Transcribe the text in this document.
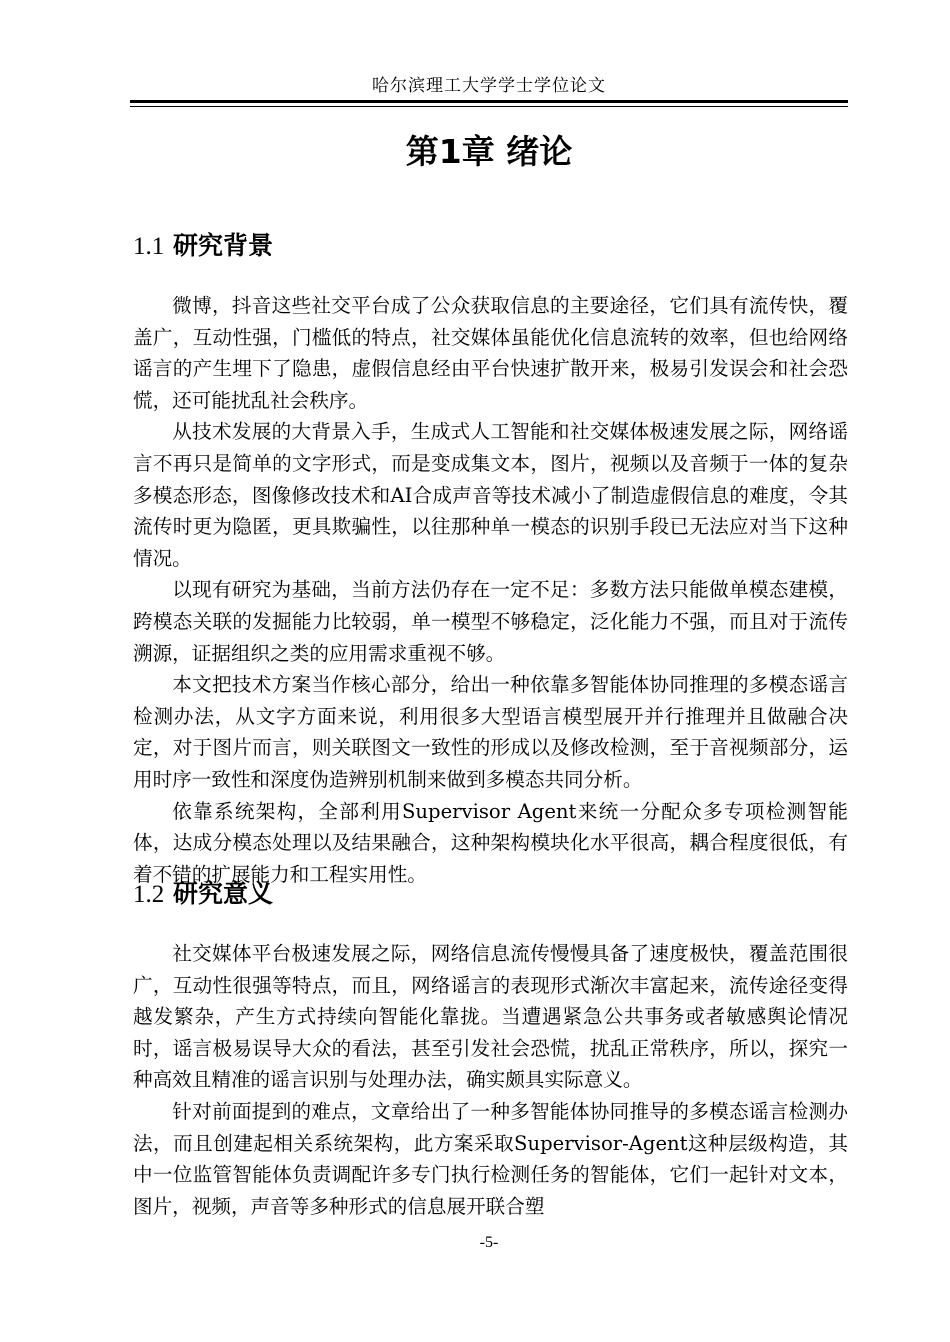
哈尔滨理工大学学士学位论文
第1章 绪论
1.1 研究背景

微博，抖音这些社交平台成了公众获取信息的主要途径，它们具有流传快，覆盖广，互动性强，门槛低的特点，社交媒体虽能优化信息流转的效率，但也给网络谣言的产生埋下了隐患，虚假信息经由平台快速扩散开来，极易引发误会和社会恐慌，还可能扰乱社会秩序。

从技术发展的大背景入手，生成式人工智能和社交媒体极速发展之际，网络谣言不再只是简单的文字形式，而是变成集文本，图片，视频以及音频于一体的复杂多模态形态，图像修改技术和AI合成声音等技术减小了制造虚假信息的难度，令其流传时更为隐匿，更具欺骗性，以往那种单一模态的识别手段已无法应对当下这种情况。

以现有研究为基础，当前方法仍存在一定不足：多数方法只能做单模态建模，跨模态关联的发掘能力比较弱，单一模型不够稳定，泛化能力不强，而且对于流传溯源，证据组织之类的应用需求重视不够。

本文把技术方案当作核心部分，给出一种依靠多智能体协同推理的多模态谣言检测办法，从文字方面来说，利用很多大型语言模型展开并行推理并且做融合决定，对于图片而言，则关联图文一致性的形成以及修改检测，至于音视频部分，运用时序一致性和深度伪造辨别机制来做到多模态共同分析。

依靠系统架构，全部利用Supervisor Agent来统一分配众多专项检测智能体，达成分模态处理以及结果融合，这种架构模块化水平很高，耦合程度很低，有着不错的扩展能力和工程实用性。

1.2 研究意义

社交媒体平台极速发展之际，网络信息流传慢慢具备了速度极快，覆盖范围很广，互动性很强等特点，而且，网络谣言的表现形式渐次丰富起来，流传途径变得越发繁杂，产生方式持续向智能化靠拢。当遭遇紧急公共事务或者敏感舆论情况时，谣言极易误导大众的看法，甚至引发社会恐慌，扰乱正常秩序，所以，探究一种高效且精准的谣言识别与处理办法，确实颇具实际意义。

针对前面提到的难点，文章给出了一种多智能体协同推导的多模态谣言检测办法，而且创建起相关系统架构，此方案采取Supervisor-Agent这种层级构造，其中一位监管智能体负责调配许多专门执行检测任务的智能体，它们一起针对文本，图片，视频，声音等多种形式的信息展开联合塑

-5-
